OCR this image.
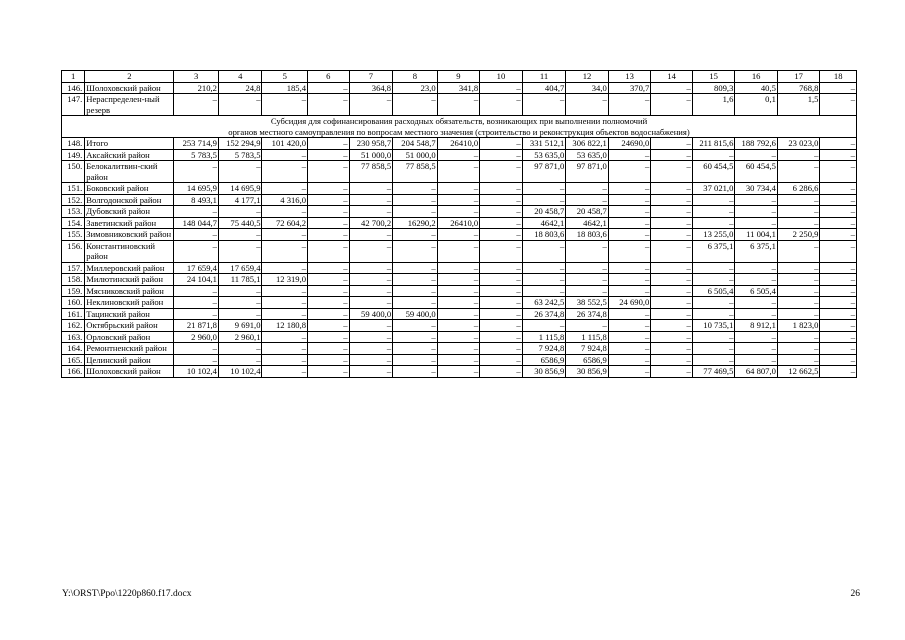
1	2	3	4	5	6	7	8	9	10	11	12	13	14	15	16	17	18
146.	Шолоховский район	210,2	24,8	185,4	–	364,8	23,0	341,8	–	404,7	34,0	370,7	–	809,3	40,5	768,8	–
147.	Нераспределен-ный резерв	–	–	–	–	–	–	–	–	–	–	–	–	1,6	0,1	1,5	–

Субсидия для софинансирования расходных обязательств, возникающих при выполнении полномочий
органов местного самоуправления по вопросам местного значения (строительство и реконструкция объектов водоснабжения)																	

148.	Итого	253 714,9	152 294,9	101 420,0	–	230 958,7	204 548,7	26410,0	–	331 512,1	306 822,1	24690,0	–	211 815,6	188 792,6	23 023,0	–
149.	Аксайский район	5 783,5	5 783,5	–	–	51 000,0	51 000,0	–	–	53 635,0	53 635,0	–	–	–	–	–	–
150.	Белокалитвин-ский район	–	–	–	–	77 858,5	77 858,5	–	–	97 871,0	97 871,0	–	–	60 454,5	60 454,5	–	–
151.	Боковский район	14 695,9	14 695,9	–	–	–	–	–	–	–	–	–	–	37 021,0	30 734,4	6 286,6	–
152.	Волгодонской район	8 493,1	4 177,1	4 316,0	–	–	–	–	–	–	–	–	–	–	–	–	–
153.	Дубовский район	–	–	–	–	–	–	–	–	20 458,7	20 458,7	–	–	–	–	–	–
154.	Заветинский район	148 044,7	75 440,5	72 604,2	–	42 700,2	16290,2	26410,0	–	4642,1	4642,1	–	–	–	–	–	–
155.	Зимовниковский район	–	–	–	–	–	–	–	–	18 803,6	18 803,6	–	–	13 255,0	11 004,1	2 250,9	–
156.	Константиновский район	–	–	–	–	–	–	–	–	–	–	–	–	6 375,1	6 375,1	–	–
157.	Миллеровский район	17 659,4	17 659,4	–	–	–	–	–	–	–	–	–	–	–	–	–	–
158.	Милютинский район	24 104,1	11 785,1	12 319,0	–	–	–	–	–	–	–	–	–	–	–	–	–
159.	Мясниковский район	–	–	–	–	–	–	–	–	–	–	–	–	6 505,4	6 505,4	–	–
160.	Неклиновский район	–	–	–	–	–	–	–	–	63 242,5	38 552,5	24 690,0	–	–	–	–	–
161.	Тацинский район	–	–	–	–	59 400,0	59 400,0	–	–	26 374,8	26 374,8	–	–	–	–	–	–
162.	Октябрьский район	21 871,8	9 691,0	12 180,8	–	–	–	–	–	–	–	–	–	10 735,1	8 912,1	1 823,0	–
163.	Орловский район	2 960,0	2 960,1	–	–	–	–	–	–	1 115,8	1 115,8	–	–	–	–	–	–
164.	Ремонтненский район	–	–	–	–	–	–	–	–	7 924,8	7 924,8	–	–	–	–	–	–
165.	Целинский район	–	–	–	–	–	–	–	–	6586,9	6586,9	–	–	–	–	–	–
166.	Шолоховский район	10 102,4	10 102,4	–	–	–	–	–	–	30 856,9	30 856,9	–	–	77 469,5	64 807,0	12 662,5	–
Y:\ORST\Ppo\1220p860.f17.docx	26
